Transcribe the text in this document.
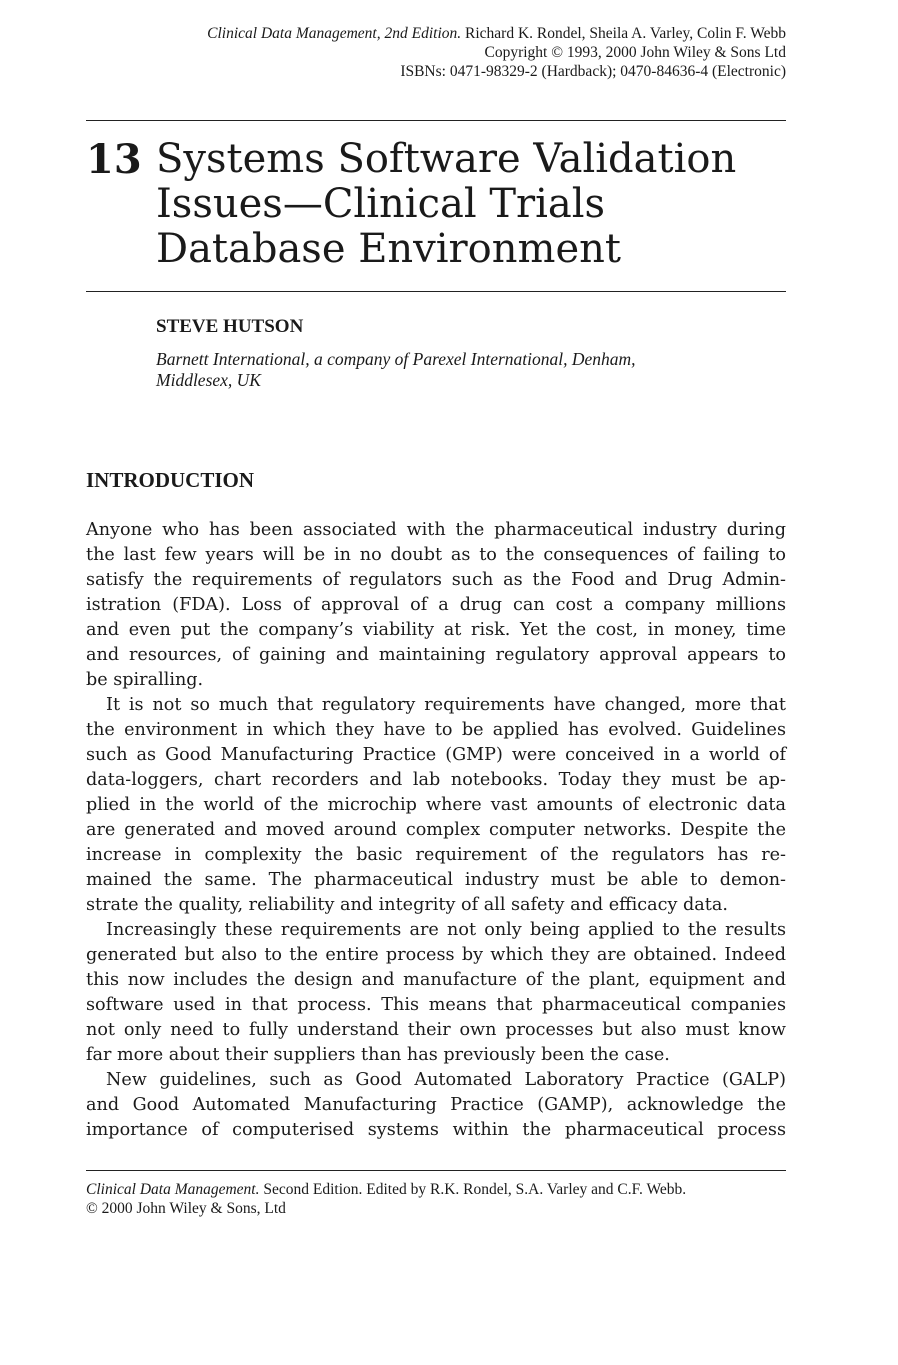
Clinical Data Management, 2nd Edition. Richard K. Rondel, Sheila A. Varley, Colin F. Webb
Copyright © 1993, 2000 John Wiley & Sons Ltd
ISBNs: 0471-98329-2 (Hardback); 0470-84636-4 (Electronic)
13 Systems Software Validation
Issues—Clinical Trials
Database Environment
STEVE HUTSON
Barnett International, a company of Parexel International, Denham,
Middlesex, UK
INTRODUCTION
Anyone who has been associated with the pharmaceutical industry during
the last few years will be in no doubt as to the consequences of failing to
satisfy the requirements of regulators such as the Food and Drug Admin-
istration (FDA). Loss of approval of a drug can cost a company millions
and even put the company’s viability at risk. Yet the cost, in money, time
and resources, of gaining and maintaining regulatory approval appears to
be spiralling.
It is not so much that regulatory requirements have changed, more that
the environment in which they have to be applied has evolved. Guidelines
such as Good Manufacturing Practice (GMP) were conceived in a world of
data-loggers, chart recorders and lab notebooks. Today they must be ap-
plied in the world of the microchip where vast amounts of electronic data
are generated and moved around complex computer networks. Despite the
increase in complexity the basic requirement of the regulators has re-
mained the same. The pharmaceutical industry must be able to demon-
strate the quality, reliability and integrity of all safety and efficacy data.
Increasingly these requirements are not only being applied to the results
generated but also to the entire process by which they are obtained. Indeed
this now includes the design and manufacture of the plant, equipment and
software used in that process. This means that pharmaceutical companies
not only need to fully understand their own processes but also must know
far more about their suppliers than has previously been the case.
New guidelines, such as Good Automated Laboratory Practice (GALP)
and Good Automated Manufacturing Practice (GAMP), acknowledge the
importance of computerised systems within the pharmaceutical process
Clinical Data Management. Second Edition. Edited by R.K. Rondel, S.A. Varley and C.F. Webb.
© 2000 John Wiley & Sons, Ltd
